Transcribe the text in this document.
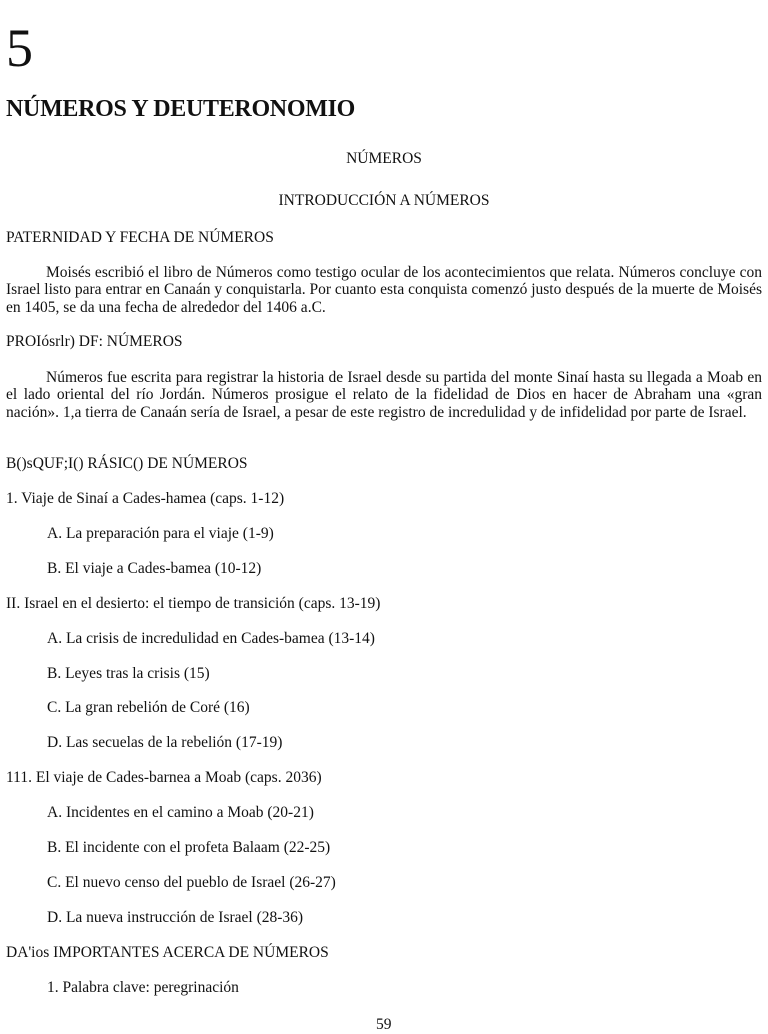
5
NÚMEROS Y DEUTERONOMIO
NÚMEROS
INTRODUCCIÓN A NÚMEROS
PATERNIDAD Y FECHA DE NÚMEROS
Moisés escribió el libro de Números como testigo ocular de los acontecimientos que relata. Números concluye con Israel listo para entrar en Canaán y conquistarla. Por cuanto esta conquista comenzó justo después de la muerte de Moisés en 1405, se da una fecha de alrededor del 1406 a.C.
PROIósrlr) DF: NÚMEROS
Números fue escrita para registrar la historia de Israel desde su partida del monte Sinaí hasta su llegada a Moab en el lado oriental del río Jordán. Números prosigue el relato de la fidelidad de Dios en hacer de Abraham una «gran nación». 1,a tierra de Canaán sería de Israel, a pesar de este registro de incredulidad y de infidelidad por parte de Israel.
B()sQUF;I() RÁSIC() DE NÚMEROS
1. Viaje de Sinaí a Cades-hamea (caps. 1-12)
A. La preparación para el viaje (1-9)
B. El viaje a Cades-bamea (10-12)
II. Israel en el desierto: el tiempo de transición (caps. 13-19)
A. La crisis de incredulidad en Cades-bamea (13-14)
B. Leyes tras la crisis (15)
C. La gran rebelión de Coré (16)
D. Las secuelas de la rebelión (17-19)
111. El viaje de Cades-barnea a Moab (caps. 2036)
A. Incidentes en el camino a Moab (20-21)
B. El incidente con el profeta Balaam (22-25)
C. El nuevo censo del pueblo de Israel (26-27)
D. La nueva instrucción de Israel (28-36)
DA'ios IMPORTANTES ACERCA DE NÚMEROS
1. Palabra clave: peregrinación
59
